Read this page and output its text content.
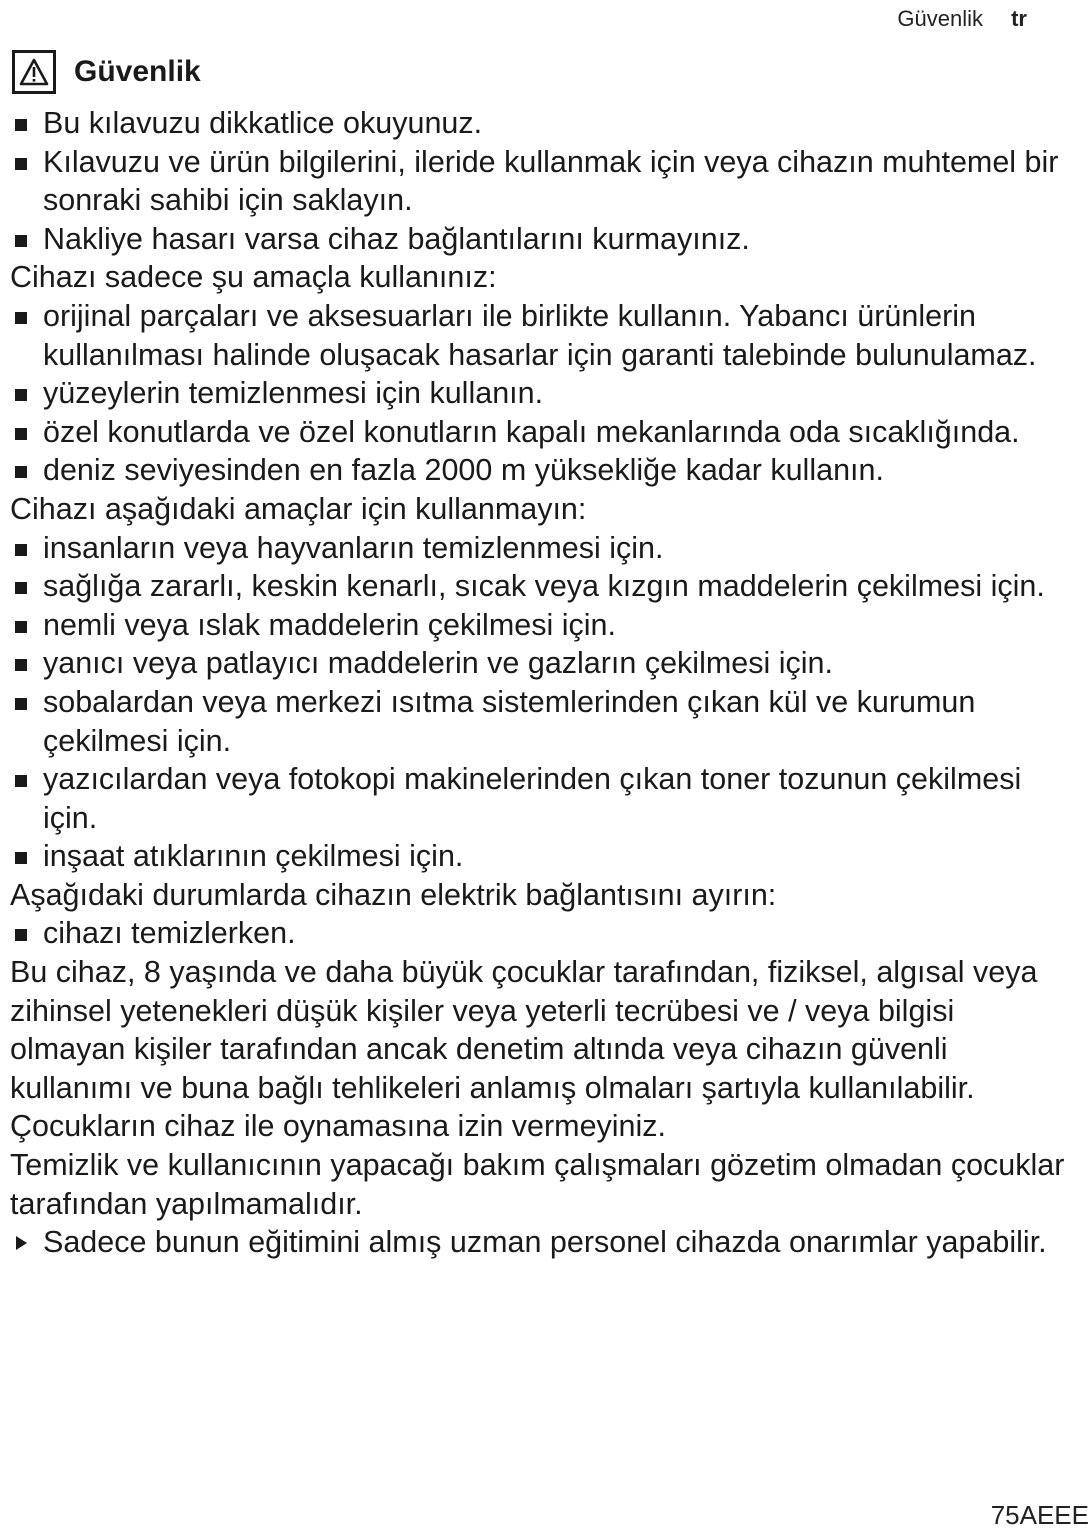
Güvenlik tr
Güvenlik

Bu kılavuzu dikkatlice okuyunuz.

Kılavuzu ve ürün bilgilerini, ileride kullanmak için veya cihazın muhtemel bir sonraki sahibi için saklayın.

Nakliye hasarı varsa cihaz bağlantılarını kurmayınız.

Cihazı sadece şu amaçla kullanınız:

orijinal parçaları ve aksesuarları ile birlikte kullanın. Yabancı ürünlerin kullanılması halinde oluşacak hasarlar için garanti talebinde bulunulamaz.

yüzeylerin temizlenmesi için kullanın.

özel konutlarda ve özel konutların kapalı mekanlarında oda sıcaklığında.

deniz seviyesinden en fazla 2000 m yüksekliğe kadar kullanın.

Cihazı aşağıdaki amaçlar için kullanmayın:

insanların veya hayvanların temizlenmesi için.

sağlığa zararlı, keskin kenarlı, sıcak veya kızgın maddelerin çekilmesi için.

nemli veya ıslak maddelerin çekilmesi için.

yanıcı veya patlayıcı maddelerin ve gazların çekilmesi için.

sobalardan veya merkezi ısıtma sistemlerinden çıkan kül ve kurumun çekilmesi için.

yazıcılardan veya fotokopi makinelerinden çıkan toner tozunun çekilmesi için.

inşaat atıklarının çekilmesi için.

Aşağıdaki durumlarda cihazın elektrik bağlantısını ayırın:

cihazı temizlerken.

Bu cihaz, 8 yaşında ve daha büyük çocuklar tarafından, fiziksel, algısal veya zihinsel yetenekleri düşük kişiler veya yeterli tecrübesi ve / veya bilgisi olmayan kişiler tarafından ancak denetim altında veya cihazın güvenli kullanımı ve buna bağlı tehlikeleri anlamış olmaları şartıyla kullanılabilir.

Çocukların cihaz ile oynamasına izin vermeyiniz.

Temizlik ve kullanıcının yapacağı bakım çalışmaları gözetim olmadan çocuklar tarafından yapılmamalıdır.

Sadece bunun eğitimini almış uzman personel cihazda onarımlar yapabilir.

75AEEE
